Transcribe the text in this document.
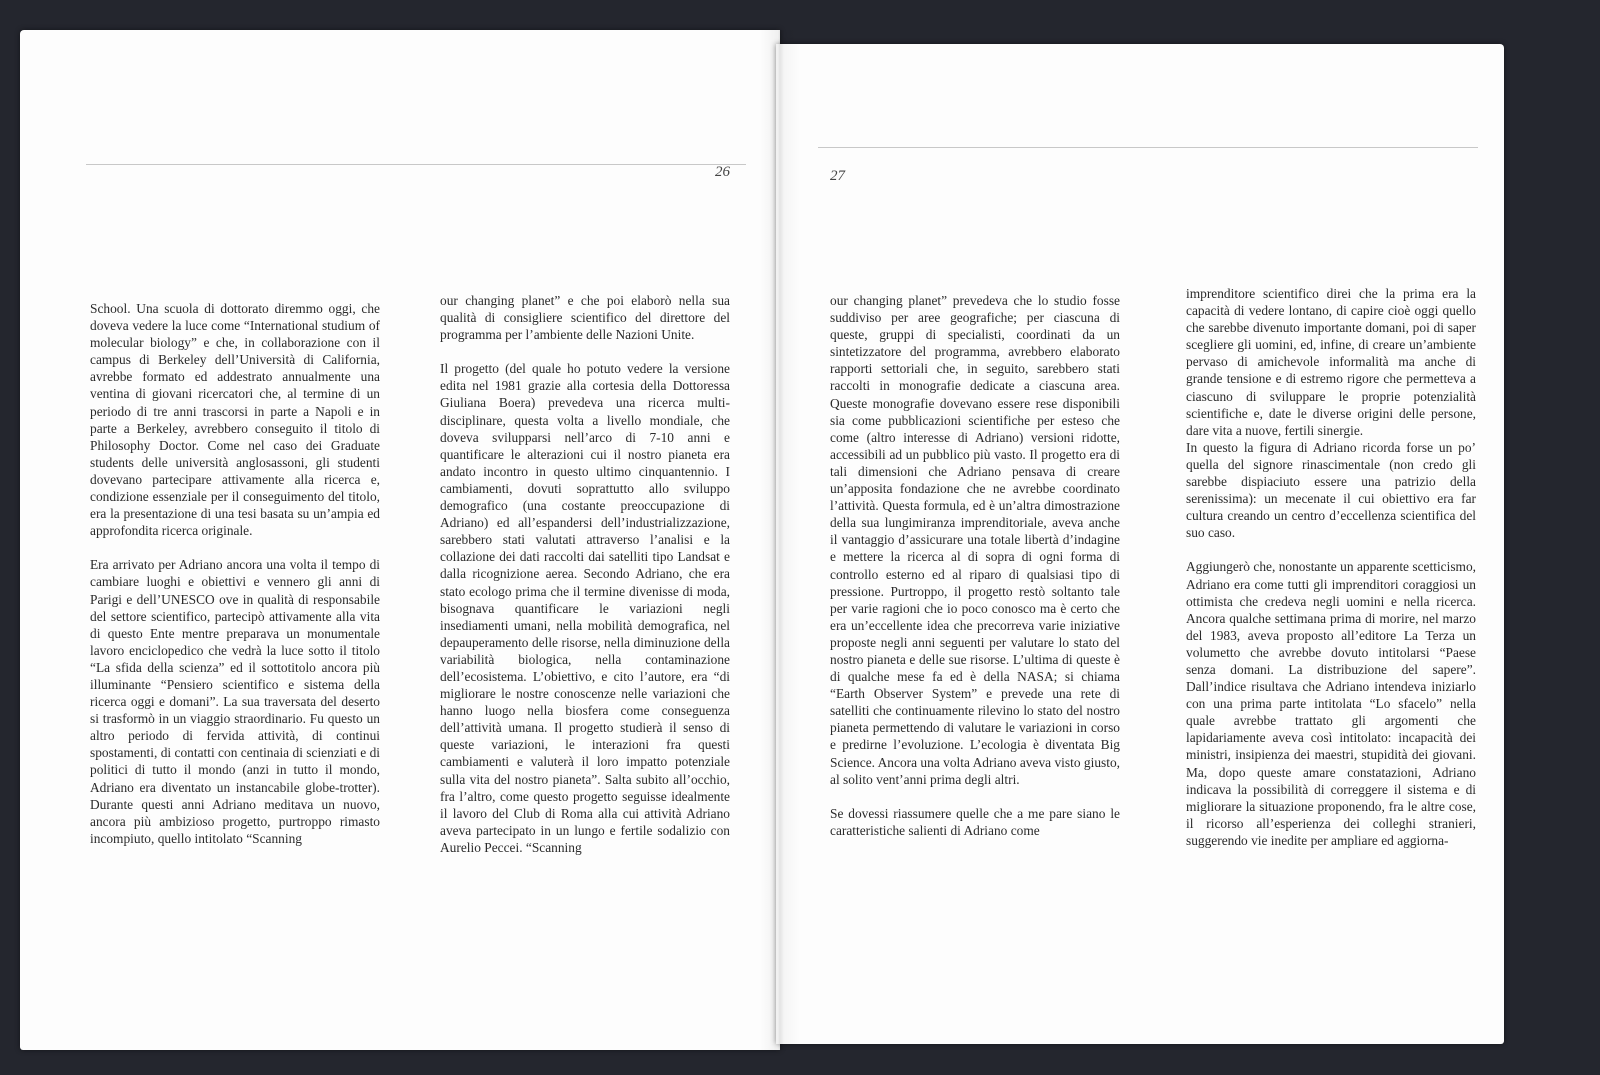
26	27

School. Una scuola di dottorato diremmo oggi, che doveva vedere la luce come “International studium of molecular biology” e che, in collaborazione con il campus di Berkeley dell’Università di California, avrebbe formato ed addestrato annualmente una ventina di giovani ricercatori che, al termine di un periodo di tre anni trascorsi in parte a Napoli e in parte a Berkeley, avrebbero conseguito il titolo di Philosophy Doctor. Come nel caso dei Graduate students delle università anglosassoni, gli studenti dovevano partecipare attivamente alla ricerca e, condizione essenziale per il conseguimento del titolo, era la presentazione di una tesi basata su un’ampia ed approfondita ricerca originale.

Era arrivato per Adriano ancora una volta il tempo di cambiare luoghi e obiettivi e vennero gli anni di Parigi e dell’UNESCO ove in qualità di responsabile del settore scientifico, partecipò attivamente alla vita di questo Ente mentre preparava un monumentale lavoro enciclopedico che vedrà la luce sotto il titolo “La sfida della scienza” ed il sottotitolo ancora più illuminante “Pensiero scientifico e sistema della ricerca oggi e domani”. La sua traversata del deserto si trasformò in un viaggio straordinario. Fu questo un altro periodo di fervida attività, di continui spostamenti, di contatti con centinaia di scienziati e di politici di tutto il mondo (anzi in tutto il mondo, Adriano era diventato un instancabile globe-trotter). Durante questi anni Adriano meditava un nuovo, ancora più ambizioso progetto, purtroppo rimasto incompiuto, quello intitolato “Scanning

our changing planet” e che poi elaborò nella sua qualità di consigliere scientifico del direttore del programma per l’ambiente delle Nazioni Unite.

Il progetto (del quale ho potuto vedere la versione edita nel 1981 grazie alla cortesia della Dottoressa Giuliana Boera) prevedeva una ricerca multi-disciplinare, questa volta a livello mondiale, che doveva svilupparsi nell’arco di 7-10 anni e quantificare le alterazioni cui il nostro pianeta era andato incontro in questo ultimo cinquantennio. I cambiamenti, dovuti soprattutto allo sviluppo demografico (una costante preoccupazione di Adriano) ed all’espandersi dell’industrializzazione, sarebbero stati valutati attraverso l’analisi e la collazione dei dati raccolti dai satelliti tipo Landsat e dalla ricognizione aerea. Secondo Adriano, che era stato ecologo prima che il termine divenisse di moda, bisognava quantificare le variazioni negli insediamenti umani, nella mobilità demografica, nel depauperamento delle risorse, nella diminuzione della variabilità biologica, nella contaminazione dell’ecosistema. L’obiettivo, e cito l’autore, era “di migliorare le nostre conoscenze nelle variazioni che hanno luogo nella biosfera come conseguenza dell’attività umana. Il progetto studierà il senso di queste variazioni, le interazioni fra questi cambiamenti e valuterà il loro impatto potenziale sulla vita del nostro pianeta”. Salta subito all’occhio, fra l’altro, come questo progetto seguisse idealmente il lavoro del Club di Roma alla cui attività Adriano aveva partecipato in un lungo e fertile sodalizio con Aurelio Peccei. “Scanning

our changing planet” prevedeva che lo studio fosse suddiviso per aree geografiche; per ciascuna di queste, gruppi di specialisti, coordinati da un sintetizzatore del programma, avrebbero elaborato rapporti settoriali che, in seguito, sarebbero stati raccolti in monografie dedicate a ciascuna area. Queste monografie dovevano essere rese disponibili sia come pubblicazioni scientifiche per esteso che come (altro interesse di Adriano) versioni ridotte, accessibili ad un pubblico più vasto. Il progetto era di tali dimensioni che Adriano pensava di creare un’apposita fondazione che ne avrebbe coordinato l’attività. Questa formula, ed è un’altra dimostrazione della sua lungimiranza imprenditoriale, aveva anche il vantaggio d’assicurare una totale libertà d’indagine e mettere la ricerca al di sopra di ogni forma di controllo esterno ed al riparo di qualsiasi tipo di pressione. Purtroppo, il progetto restò soltanto tale per varie ragioni che io poco conosco ma è certo che era un’eccellente idea che precorreva varie iniziative proposte negli anni seguenti per valutare lo stato del nostro pianeta e delle sue risorse. L’ultima di queste è di qualche mese fa ed è della NASA; si chiama “Earth Observer System” e prevede una rete di satelliti che continuamente rilevino lo stato del nostro pianeta permettendo di valutare le variazioni in corso e predirne l’evoluzione. L’ecologia è diventata Big Science. Ancora una volta Adriano aveva visto giusto, al solito vent’anni prima degli altri.

Se dovessi riassumere quelle che a me pare siano le caratteristiche salienti di Adriano come

imprenditore scientifico direi che la prima era la capacità di vedere lontano, di capire cioè oggi quello che sarebbe divenuto importante domani, poi di saper scegliere gli uomini, ed, infine, di creare un’ambiente pervaso di amichevole informalità ma anche di grande tensione e di estremo rigore che permetteva a ciascuno di sviluppare le proprie potenzialità scientifiche e, date le diverse origini delle persone, dare vita a nuove, fertili sinergie.
In questo la figura di Adriano ricorda forse un po’ quella del signore rinascimentale (non credo gli sarebbe dispiaciuto essere una patrizio della serenissima): un mecenate il cui obiettivo era far cultura creando un centro d’eccellenza scientifica del suo caso.

Aggiungerò che, nonostante un apparente scetticismo, Adriano era come tutti gli imprenditori coraggiosi un ottimista che credeva negli uomini e nella ricerca. Ancora qualche settimana prima di morire, nel marzo del 1983, aveva proposto all’editore La Terza un volumetto che avrebbe dovuto intitolarsi “Paese senza domani. La distribuzione del sapere”. Dall’indice risultava che Adriano intendeva iniziarlo con una prima parte intitolata “Lo sfacelo” nella quale avrebbe trattato gli argomenti che lapidariamente aveva così intitolato: incapacità dei ministri, insipienza dei maestri, stupidità dei giovani. Ma, dopo queste amare constatazioni, Adriano indicava la possibilità di correggere il sistema e di migliorare la situazione proponendo, fra le altre cose, il ricorso all’esperienza dei colleghi stranieri, suggerendo vie inedite per ampliare ed aggiorna-
